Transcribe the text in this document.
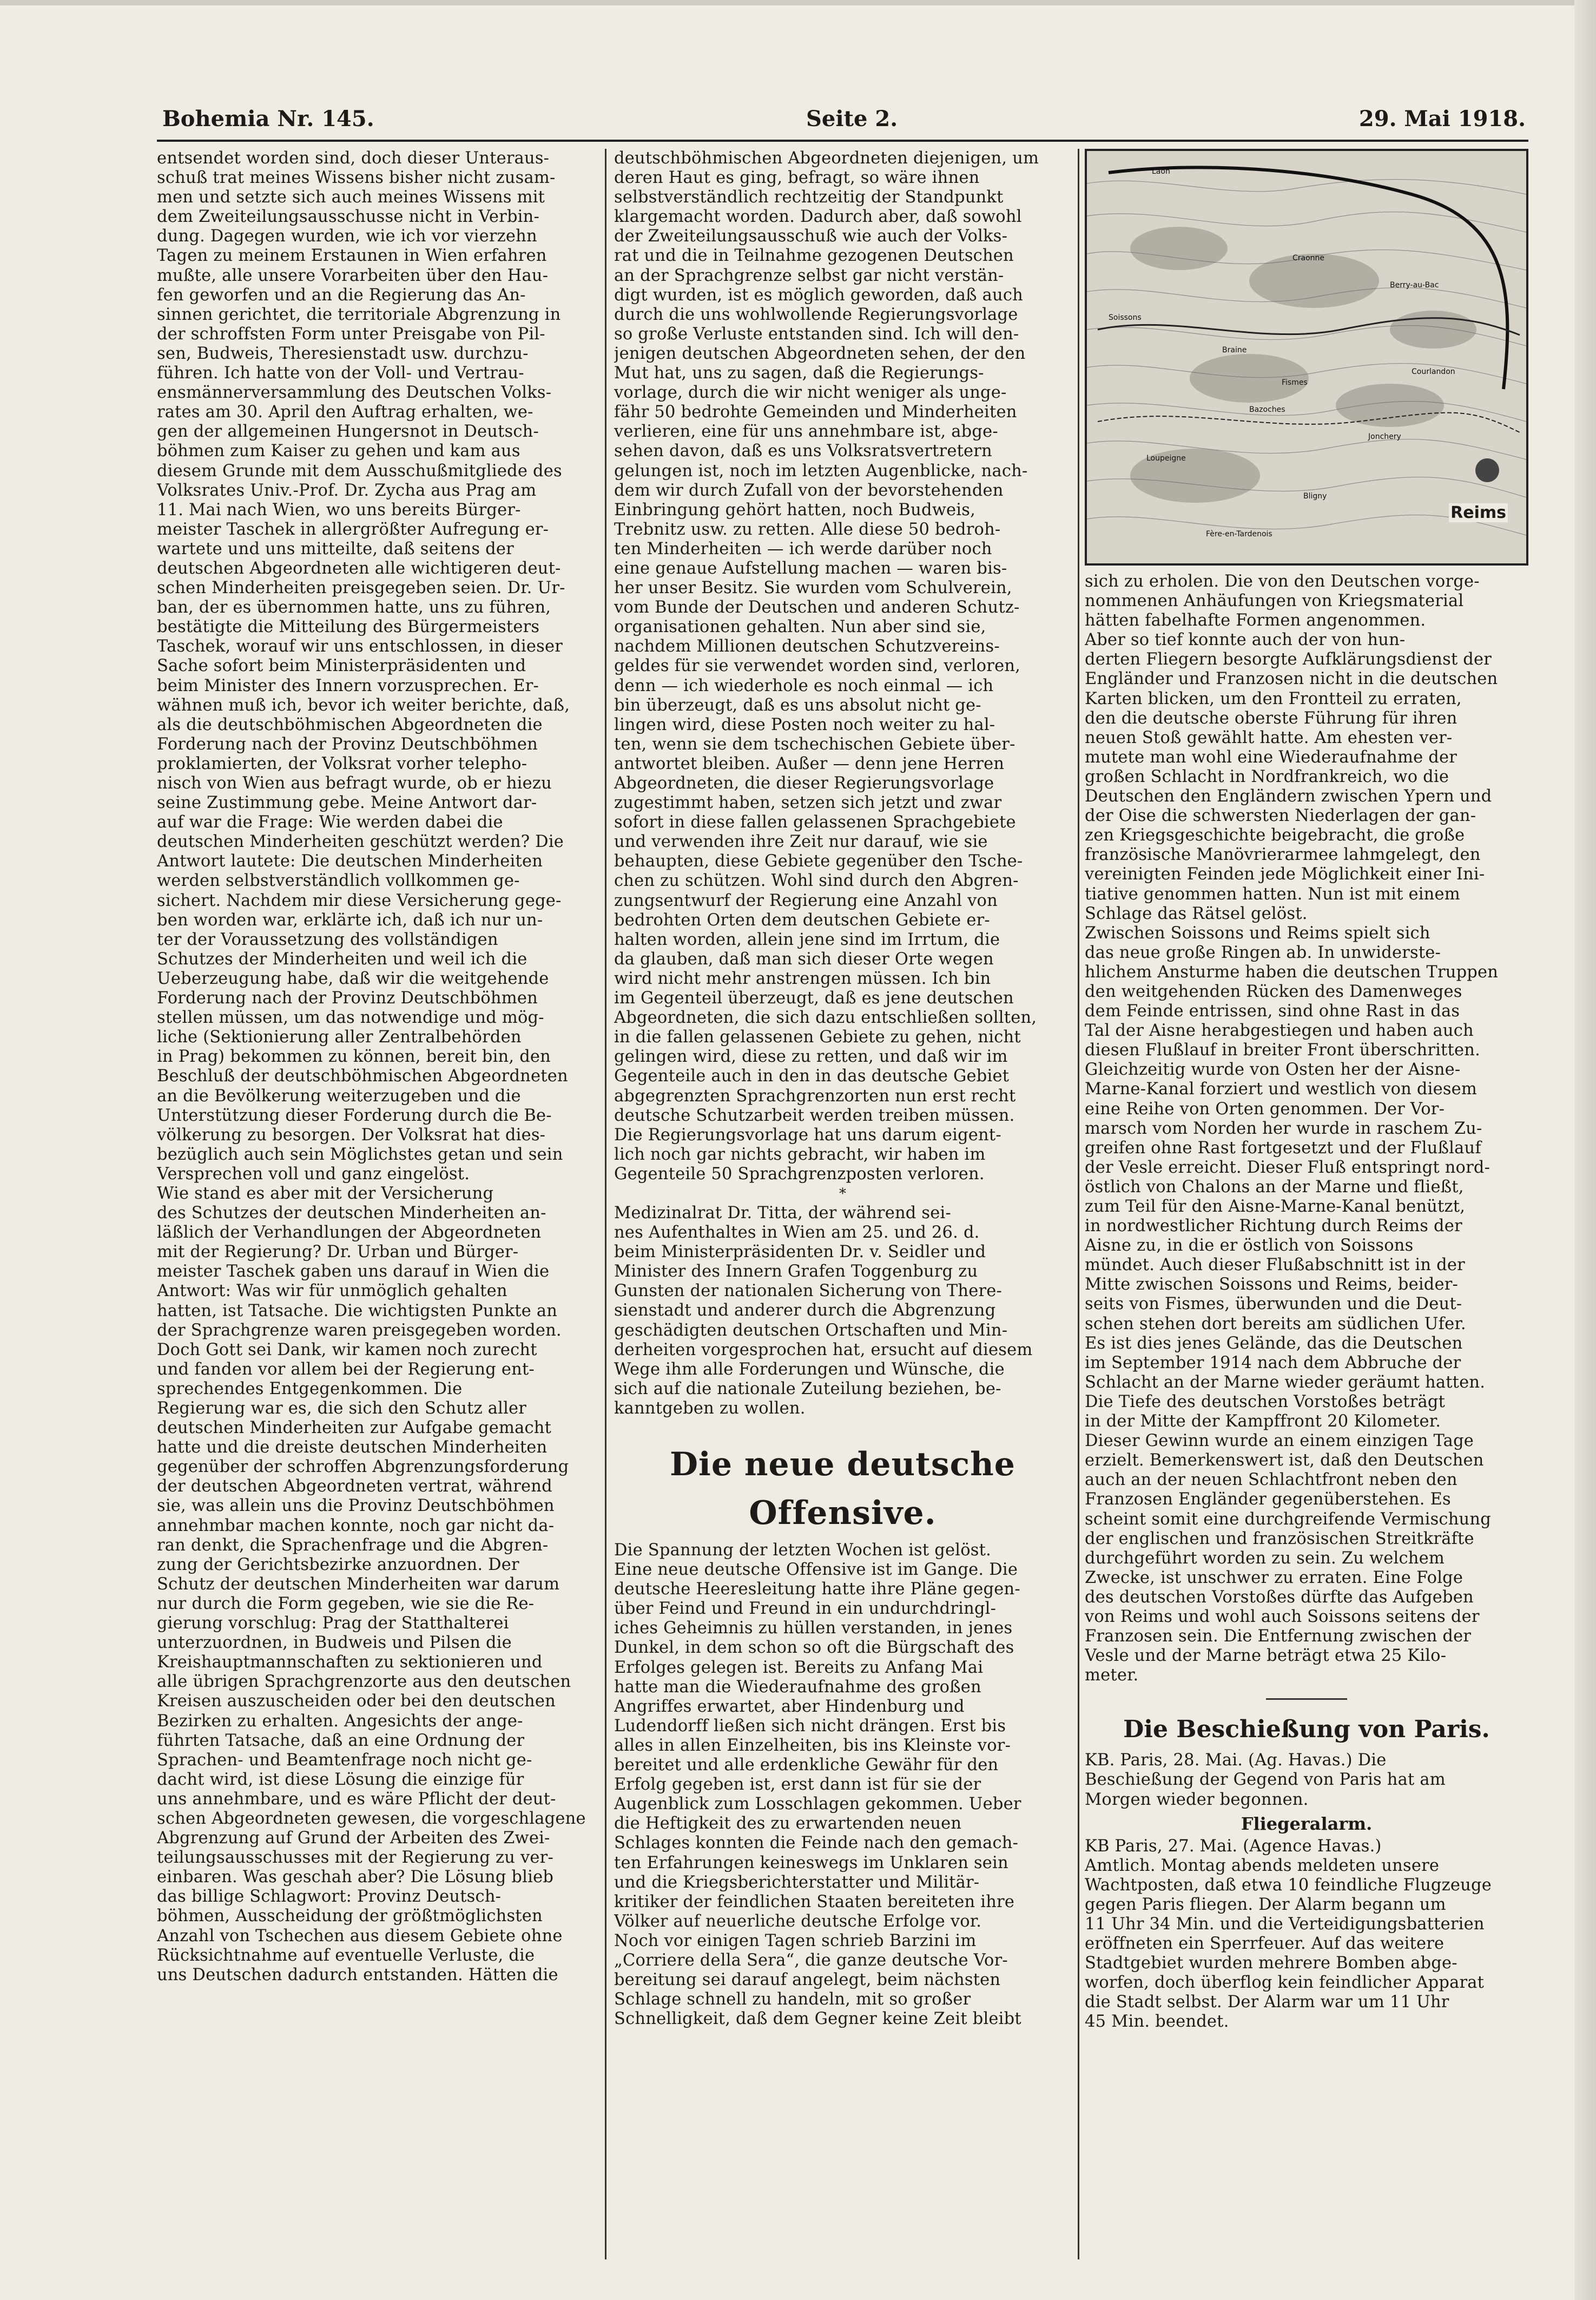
Bohemia Nr. 145.	Seite 2.	29. Mai 1918.

entsendet worden sind, doch dieser Unteraus-
schuß trat meines Wissens bisher nicht zusam-
men und setzte sich auch meines Wissens mit
dem Zweiteilungsausschusse nicht in Verbin-
dung. Dagegen wurden, wie ich vor vierzehn
Tagen zu meinem Erstaunen in Wien erfahren
mußte, alle unsere Vorarbeiten über den Hau-
fen geworfen und an die Regierung das An-
sinnen gerichtet, die territoriale Abgrenzung in
der schroffsten Form unter Preisgabe von Pil-
sen, Budweis, Theresienstadt usw. durchzu-
führen. Ich hatte von der Voll- und Vertrau-
ensmännerversammlung des Deutschen Volks-
rates am 30. April den Auftrag erhalten, we-
gen der allgemeinen Hungersnot in Deutsch-
böhmen zum Kaiser zu gehen und kam aus
diesem Grunde mit dem Ausschußmitgliede des
Volksrates Univ.-Prof. Dr. Zycha aus Prag am
11. Mai nach Wien, wo uns bereits Bürger-
meister Taschek in allergrößter Aufregung er-
wartete und uns mitteilte, daß seitens der
deutschen Abgeordneten alle wichtigeren deut-
schen Minderheiten preisgegeben seien. Dr. Ur-
ban, der es übernommen hatte, uns zu führen,
bestätigte die Mitteilung des Bürgermeisters
Taschek, worauf wir uns entschlossen, in dieser
Sache sofort beim Ministerpräsidenten und
beim Minister des Innern vorzusprechen. Er-
wähnen muß ich, bevor ich weiter berichte, daß,
als die deutschböhmischen Abgeordneten die
Forderung nach der Provinz Deutschböhmen
proklamierten, der Volksrat vorher telepho-
nisch von Wien aus befragt wurde, ob er hiezu
seine Zustimmung gebe. Meine Antwort dar-
auf war die Frage: Wie werden dabei die
deutschen Minderheiten geschützt werden? Die
Antwort lautete: Die deutschen Minderheiten
werden selbstverständlich vollkommen ge-
sichert. Nachdem mir diese Versicherung gege-
ben worden war, erklärte ich, daß ich nur un-
ter der Voraussetzung des vollständigen
Schutzes der Minderheiten und weil ich die
Ueberzeugung habe, daß wir die weitgehende
Forderung nach der Provinz Deutschböhmen
stellen müssen, um das notwendige und mög-
liche (Sektionierung aller Zentralbehörden
in Prag) bekommen zu können, bereit bin, den
Beschluß der deutschböhmischen Abgeordneten
an die Bevölkerung weiterzugeben und die
Unterstützung dieser Forderung durch die Be-
völkerung zu besorgen. Der Volksrat hat dies-
bezüglich auch sein Möglichstes getan und sein
Versprechen voll und ganz eingelöst.
Wie stand es aber mit der Versicherung
des Schutzes der deutschen Minderheiten an-
läßlich der Verhandlungen der Abgeordneten
mit der Regierung? Dr. Urban und Bürger-
meister Taschek gaben uns darauf in Wien die
Antwort: Was wir für unmöglich gehalten
hatten, ist Tatsache. Die wichtigsten Punkte an
der Sprachgrenze waren preisgegeben worden.
Doch Gott sei Dank, wir kamen noch zurecht
und fanden vor allem bei der Regierung ent-
sprechendes Entgegenkommen. Die
Regierung war es, die sich den Schutz aller
deutschen Minderheiten zur Aufgabe gemacht
hatte und die dreiste deutschen Minderheiten
gegenüber der schroffen Abgrenzungsforderung
der deutschen Abgeordneten vertrat, während
sie, was allein uns die Provinz Deutschböhmen
annehmbar machen konnte, noch gar nicht da-
ran denkt, die Sprachenfrage und die Abgren-
zung der Gerichtsbezirke anzuordnen. Der
Schutz der deutschen Minderheiten war darum
nur durch die Form gegeben, wie sie die Re-
gierung vorschlug: Prag der Statthalterei
unterzuordnen, in Budweis und Pilsen die
Kreishauptmannschaften zu sektionieren und
alle übrigen Sprachgrenzorte aus den deutschen
Kreisen auszuscheiden oder bei den deutschen
Bezirken zu erhalten. Angesichts der ange-
führten Tatsache, daß an eine Ordnung der
Sprachen- und Beamtenfrage noch nicht ge-
dacht wird, ist diese Lösung die einzige für
uns annehmbare, und es wäre Pflicht der deut-
schen Abgeordneten gewesen, die vorgeschlagene
Abgrenzung auf Grund der Arbeiten des Zwei-
teilungsausschusses mit der Regierung zu ver-
einbaren. Was geschah aber? Die Lösung blieb
das billige Schlagwort: Provinz Deutsch-
böhmen, Ausscheidung der größtmöglichsten
Anzahl von Tschechen aus diesem Gebiete ohne
Rücksichtnahme auf eventuelle Verluste, die
uns Deutschen dadurch entstanden. Hätten die

deutschböhmischen Abgeordneten diejenigen, um
deren Haut es ging, befragt, so wäre ihnen
selbstverständlich rechtzeitig der Standpunkt
klargemacht worden. Dadurch aber, daß sowohl
der Zweiteilungsausschuß wie auch der Volks-
rat und die in Teilnahme gezogenen Deutschen
an der Sprachgrenze selbst gar nicht verstän-
digt wurden, ist es möglich geworden, daß auch
durch die uns wohlwollende Regierungsvorlage
so große Verluste entstanden sind. Ich will den-
jenigen deutschen Abgeordneten sehen, der den
Mut hat, uns zu sagen, daß die Regierungs-
vorlage, durch die wir nicht weniger als unge-
fähr 50 bedrohte Gemeinden und Minderheiten
verlieren, eine für uns annehmbare ist, abge-
sehen davon, daß es uns Volksratsvertretern
gelungen ist, noch im letzten Augenblicke, nach-
dem wir durch Zufall von der bevorstehenden
Einbringung gehört hatten, noch Budweis,
Trebnitz usw. zu retten. Alle diese 50 bedroh-
ten Minderheiten — ich werde darüber noch
eine genaue Aufstellung machen — waren bis-
her unser Besitz. Sie wurden vom Schulverein,
vom Bunde der Deutschen und anderen Schutz-
organisationen gehalten. Nun aber sind sie,
nachdem Millionen deutschen Schutzvereins-
geldes für sie verwendet worden sind, verloren,
denn — ich wiederhole es noch einmal — ich
bin überzeugt, daß es uns absolut nicht ge-
lingen wird, diese Posten noch weiter zu hal-
ten, wenn sie dem tschechischen Gebiete über-
antwortet bleiben. Außer — denn jene Herren
Abgeordneten, die dieser Regierungsvorlage
zugestimmt haben, setzen sich jetzt und zwar
sofort in diese fallen gelassenen Sprachgebiete
und verwenden ihre Zeit nur darauf, wie sie
behaupten, diese Gebiete gegenüber den Tsche-
chen zu schützen. Wohl sind durch den Abgren-
zungsentwurf der Regierung eine Anzahl von
bedrohten Orten dem deutschen Gebiete er-
halten worden, allein jene sind im Irrtum, die
da glauben, daß man sich dieser Orte wegen
wird nicht mehr anstrengen müssen. Ich bin
im Gegenteil überzeugt, daß es jene deutschen
Abgeordneten, die sich dazu entschließen sollten,
in die fallen gelassenen Gebiete zu gehen, nicht
gelingen wird, diese zu retten, und daß wir im
Gegenteile auch in den in das deutsche Gebiet
abgegrenzten Sprachgrenzorten nun erst recht
deutsche Schutzarbeit werden treiben müssen.
Die Regierungsvorlage hat uns darum eigent-
lich noch gar nichts gebracht, wir haben im
Gegenteile 50 Sprachgrenzposten verloren.

*

Medizinalrat Dr. Titta, der während sei-
nes Aufenthaltes in Wien am 25. und 26. d.
beim Ministerpräsidenten Dr. v. Seidler und
Minister des Innern Grafen Toggenburg zu
Gunsten der nationalen Sicherung von There-
sienstadt und anderer durch die Abgrenzung
geschädigten deutschen Ortschaften und Min-
derheiten vorgesprochen hat, ersucht auf diesem
Wege ihm alle Forderungen und Wünsche, die
sich auf die nationale Zuteilung beziehen, be-
kanntgeben zu wollen.

Die neue deutsche Offensive.

Die Spannung der letzten Wochen ist gelöst.
Eine neue deutsche Offensive ist im Gange. Die
deutsche Heeresleitung hatte ihre Pläne gegen-
über Feind und Freund in ein undurchdringl-
iches Geheimnis zu hüllen verstanden, in jenes
Dunkel, in dem schon so oft die Bürgschaft des
Erfolges gelegen ist. Bereits zu Anfang Mai
hatte man die Wiederaufnahme des großen
Angriffes erwartet, aber Hindenburg und
Ludendorff ließen sich nicht drängen. Erst bis
alles in allen Einzelheiten, bis ins Kleinste vor-
bereitet und alle erdenkliche Gewähr für den
Erfolg gegeben ist, erst dann ist für sie der
Augenblick zum Losschlagen gekommen. Ueber
die Heftigkeit des zu erwartenden neuen
Schlages konnten die Feinde nach den gemach-
ten Erfahrungen keineswegs im Unklaren sein
und die Kriegsberichterstatter und Militär-
kritiker der feindlichen Staaten bereiteten ihre
Völker auf neuerliche deutsche Erfolge vor.
Noch vor einigen Tagen schrieb Barzini im
„Corriere della Sera“, die ganze deutsche Vor-
bereitung sei darauf angelegt, beim nächsten
Schlage schnell zu handeln, mit so großer
Schnelligkeit, daß dem Gegner keine Zeit bleibt

Laon
Craonne
Berry-au-Bac
Fismes
Braine
Soissons
Jonchery
Loupeigne
Fère-en-Tardenois
Bligny
Courlandon
Bazoches
Reims

sich zu erholen. Die von den Deutschen vorge-
nommenen Anhäufungen von Kriegsmaterial
hätten fabelhafte Formen angenommen.
Aber so tief konnte auch der von hun-
derten Fliegern besorgte Aufklärungsdienst der
Engländer und Franzosen nicht in die deutschen
Karten blicken, um den Frontteil zu erraten,
den die deutsche oberste Führung für ihren
neuen Stoß gewählt hatte. Am ehesten ver-
mutete man wohl eine Wiederaufnahme der
großen Schlacht in Nordfrankreich, wo die
Deutschen den Engländern zwischen Ypern und
der Oise die schwersten Niederlagen der gan-
zen Kriegsgeschichte beigebracht, die große
französische Manövrierarmee lahmgelegt, den
vereinigten Feinden jede Möglichkeit einer Ini-
tiative genommen hatten. Nun ist mit einem
Schlage das Rätsel gelöst.
Zwischen Soissons und Reims spielt sich
das neue große Ringen ab. In unwiderste-
hlichem Ansturme haben die deutschen Truppen
den weitgehenden Rücken des Damenweges
dem Feinde entrissen, sind ohne Rast in das
Tal der Aisne herabgestiegen und haben auch
diesen Flußlauf in breiter Front überschritten.
Gleichzeitig wurde von Osten her der Aisne-
Marne-Kanal forziert und westlich von diesem
eine Reihe von Orten genommen. Der Vor-
marsch vom Norden her wurde in raschem Zu-
greifen ohne Rast fortgesetzt und der Flußlauf
der Vesle erreicht. Dieser Fluß entspringt nord-
östlich von Chalons an der Marne und fließt,
zum Teil für den Aisne-Marne-Kanal benützt,
in nordwestlicher Richtung durch Reims der
Aisne zu, in die er östlich von Soissons
mündet. Auch dieser Flußabschnitt ist in der
Mitte zwischen Soissons und Reims, beider-
seits von Fismes, überwunden und die Deut-
schen stehen dort bereits am südlichen Ufer.
Es ist dies jenes Gelände, das die Deutschen
im September 1914 nach dem Abbruche der
Schlacht an der Marne wieder geräumt hatten.
Die Tiefe des deutschen Vorstoßes beträgt
in der Mitte der Kampffront 20 Kilometer.
Dieser Gewinn wurde an einem einzigen Tage
erzielt. Bemerkenswert ist, daß den Deutschen
auch an der neuen Schlachtfront neben den
Franzosen Engländer gegenüberstehen. Es
scheint somit eine durchgreifende Vermischung
der englischen und französischen Streitkräfte
durchgeführt worden zu sein. Zu welchem
Zwecke, ist unschwer zu erraten. Eine Folge
des deutschen Vorstoßes dürfte das Aufgeben
von Reims und wohl auch Soissons seitens der
Franzosen sein. Die Entfernung zwischen der
Vesle und der Marne beträgt etwa 25 Kilo-
meter.

Die Beschießung von Paris.

KB. Paris, 28. Mai. (Ag. Havas.) Die
Beschießung der Gegend von Paris hat am
Morgen wieder begonnen.

Fliegeralarm.

KB Paris, 27. Mai. (Agence Havas.)
Amtlich. Montag abends meldeten unsere
Wachtposten, daß etwa 10 feindliche Flugzeuge
gegen Paris fliegen. Der Alarm begann um
11 Uhr 34 Min. und die Verteidigungsbatterien
eröffneten ein Sperrfeuer. Auf das weitere
Stadtgebiet wurden mehrere Bomben abge-
worfen, doch überflog kein feindlicher Apparat
die Stadt selbst. Der Alarm war um 11 Uhr
45 Min. beendet.
